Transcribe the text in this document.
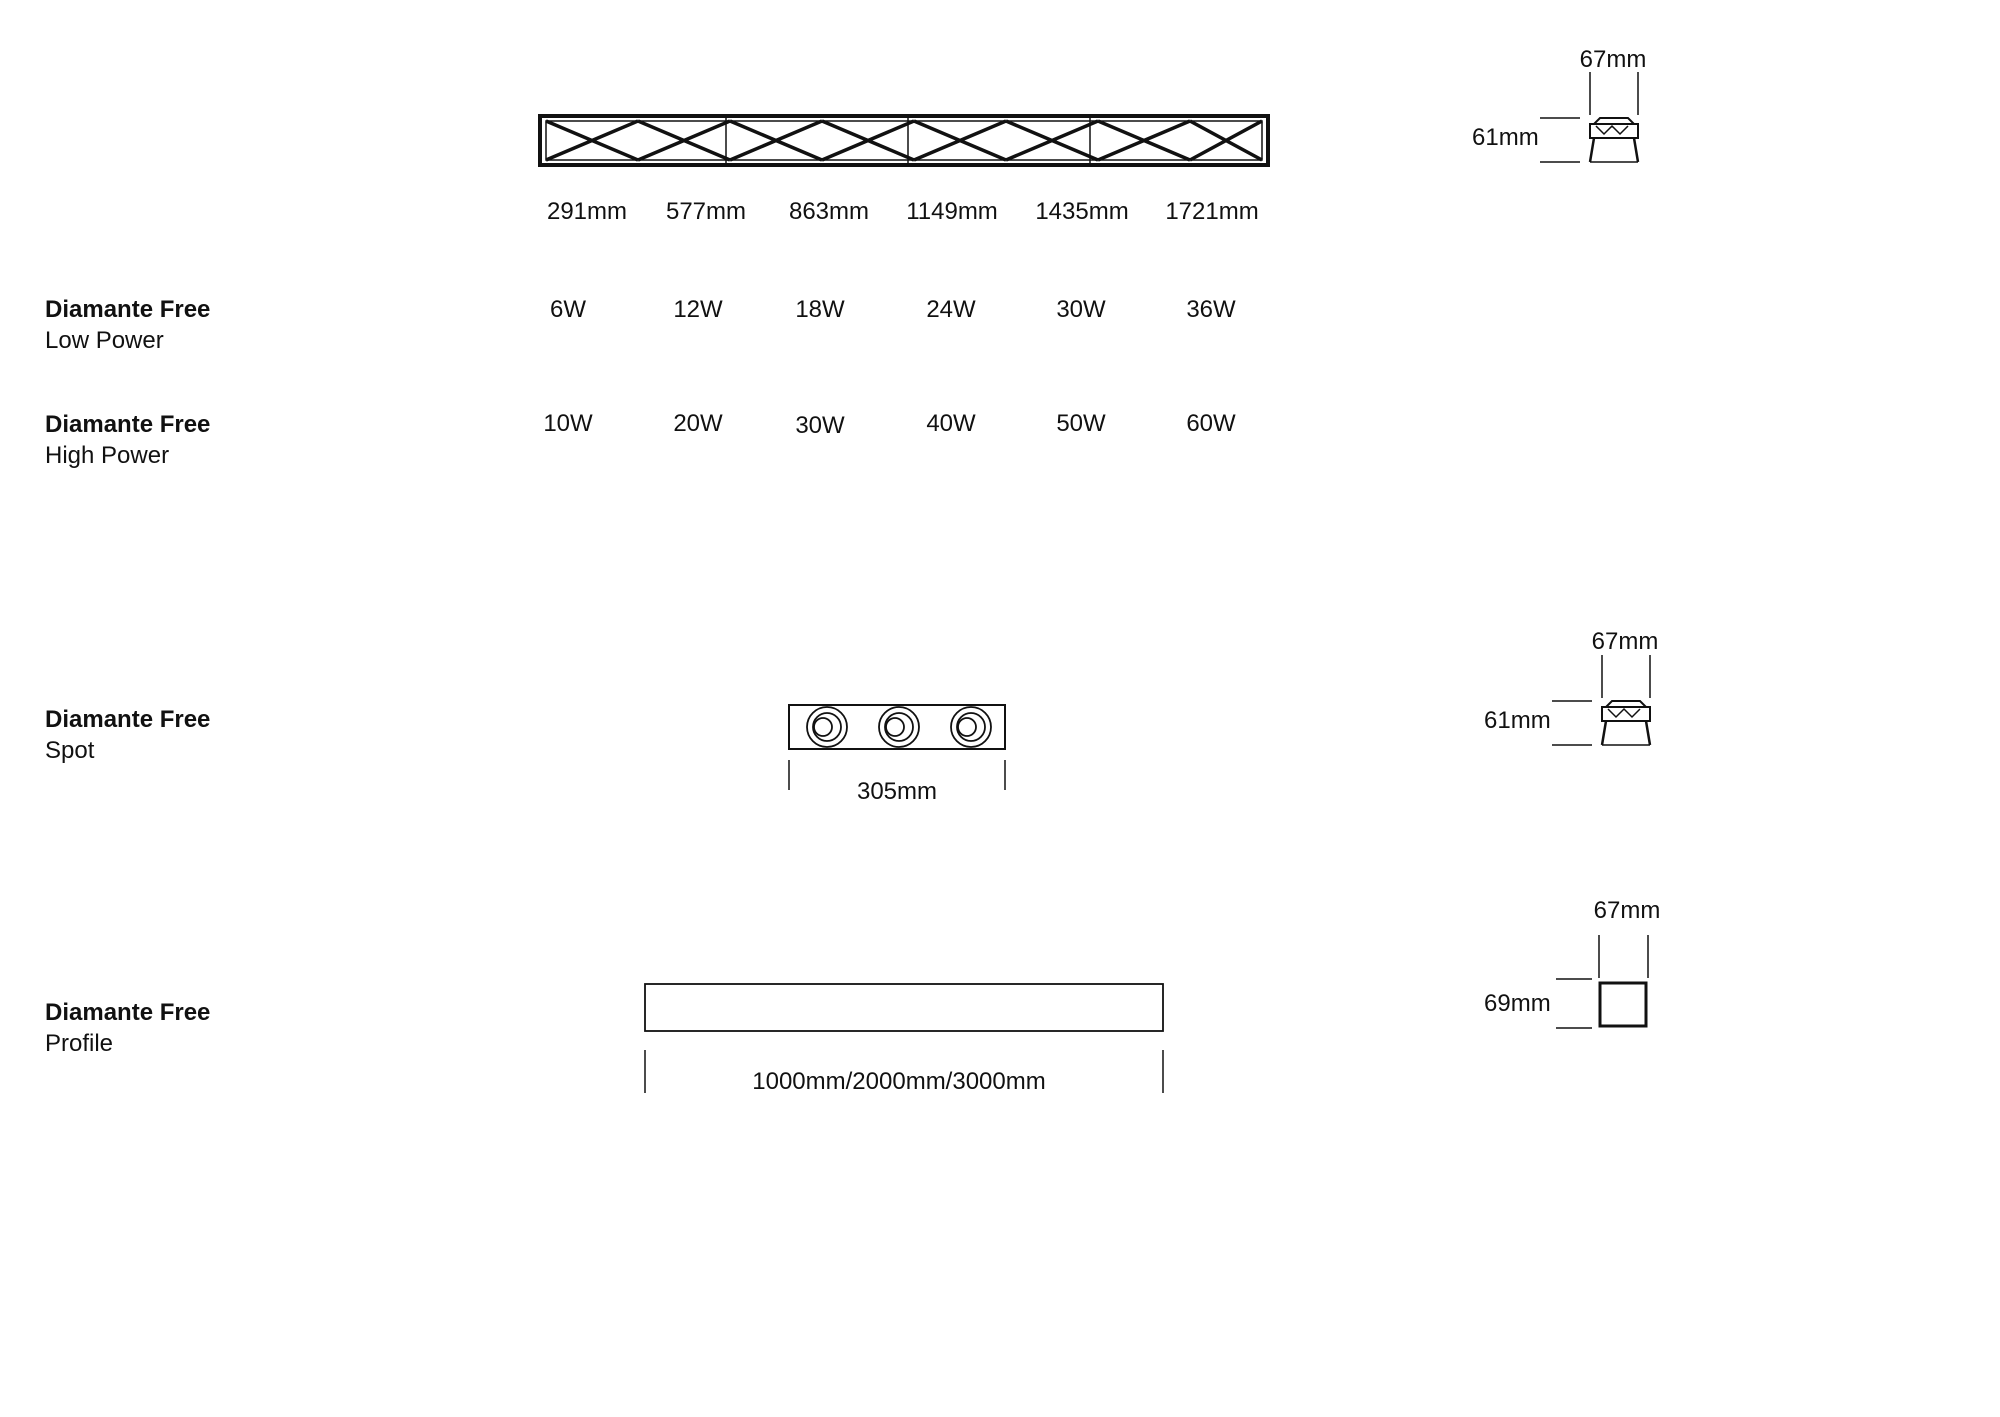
291mm 577mm 863mm 1149mm 1435mm 1721mm
67mm
61mm
Diamante Free
Low Power
6W	12W	18W	24W	30W	36W
Diamante Free
High Power
10W	20W	30W	40W	50W	60W
Diamante Free
Spot
305mm
67mm
61mm
Diamante Free
Profile
1000mm/2000mm/3000mm
67mm
69mm
